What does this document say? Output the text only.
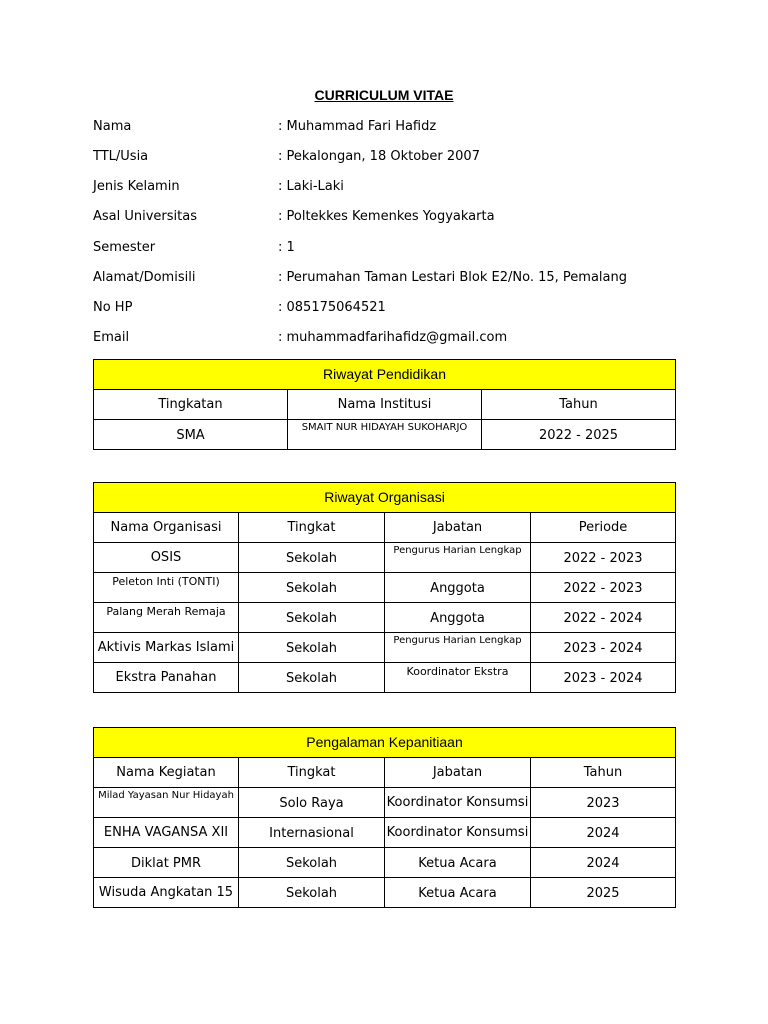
CURRICULUM VITAE
Nama	: Muhammad Fari Hafidz
TTL/Usia	: Pekalongan, 18 Oktober 2007
Jenis Kelamin	: Laki-Laki
Asal Universitas	: Poltekkes Kemenkes Yogyakarta
Semester	: 1
Alamat/Domisili	: Perumahan Taman Lestari Blok E2/No. 15, Pemalang
No HP	: 085175064521
Email	: muhammadfarihafidz@gmail.com
Riwayat Pendidikan		

Tingkatan	Nama Institusi	Tahun

SMA	SMAIT NUR HIDAYAH SUKOHARJO	2022 - 2025
Riwayat Organisasi			

Nama Organisasi	Tingkat	Jabatan	Periode

OSIS	Sekolah	Pengurus Harian Lengkap	2022 - 2023

Peleton Inti (TONTI)	Sekolah	Anggota	2022 - 2023

Palang Merah Remaja	Sekolah	Anggota	2022 - 2024

Aktivis Markas Islami	Sekolah	Pengurus Harian Lengkap	2023 - 2024

Ekstra Panahan	Sekolah	Koordinator Ekstra	2023 - 2024
Pengalaman Kepanitiaan			

Nama Kegiatan	Tingkat	Jabatan	Tahun

Milad Yayasan Nur Hidayah	Solo Raya	Koordinator Konsumsi	2023

ENHA VAGANSA XII	Internasional	Koordinator Konsumsi	2024

Diklat PMR	Sekolah	Ketua Acara	2024

Wisuda Angkatan 15	Sekolah	Ketua Acara	2025
